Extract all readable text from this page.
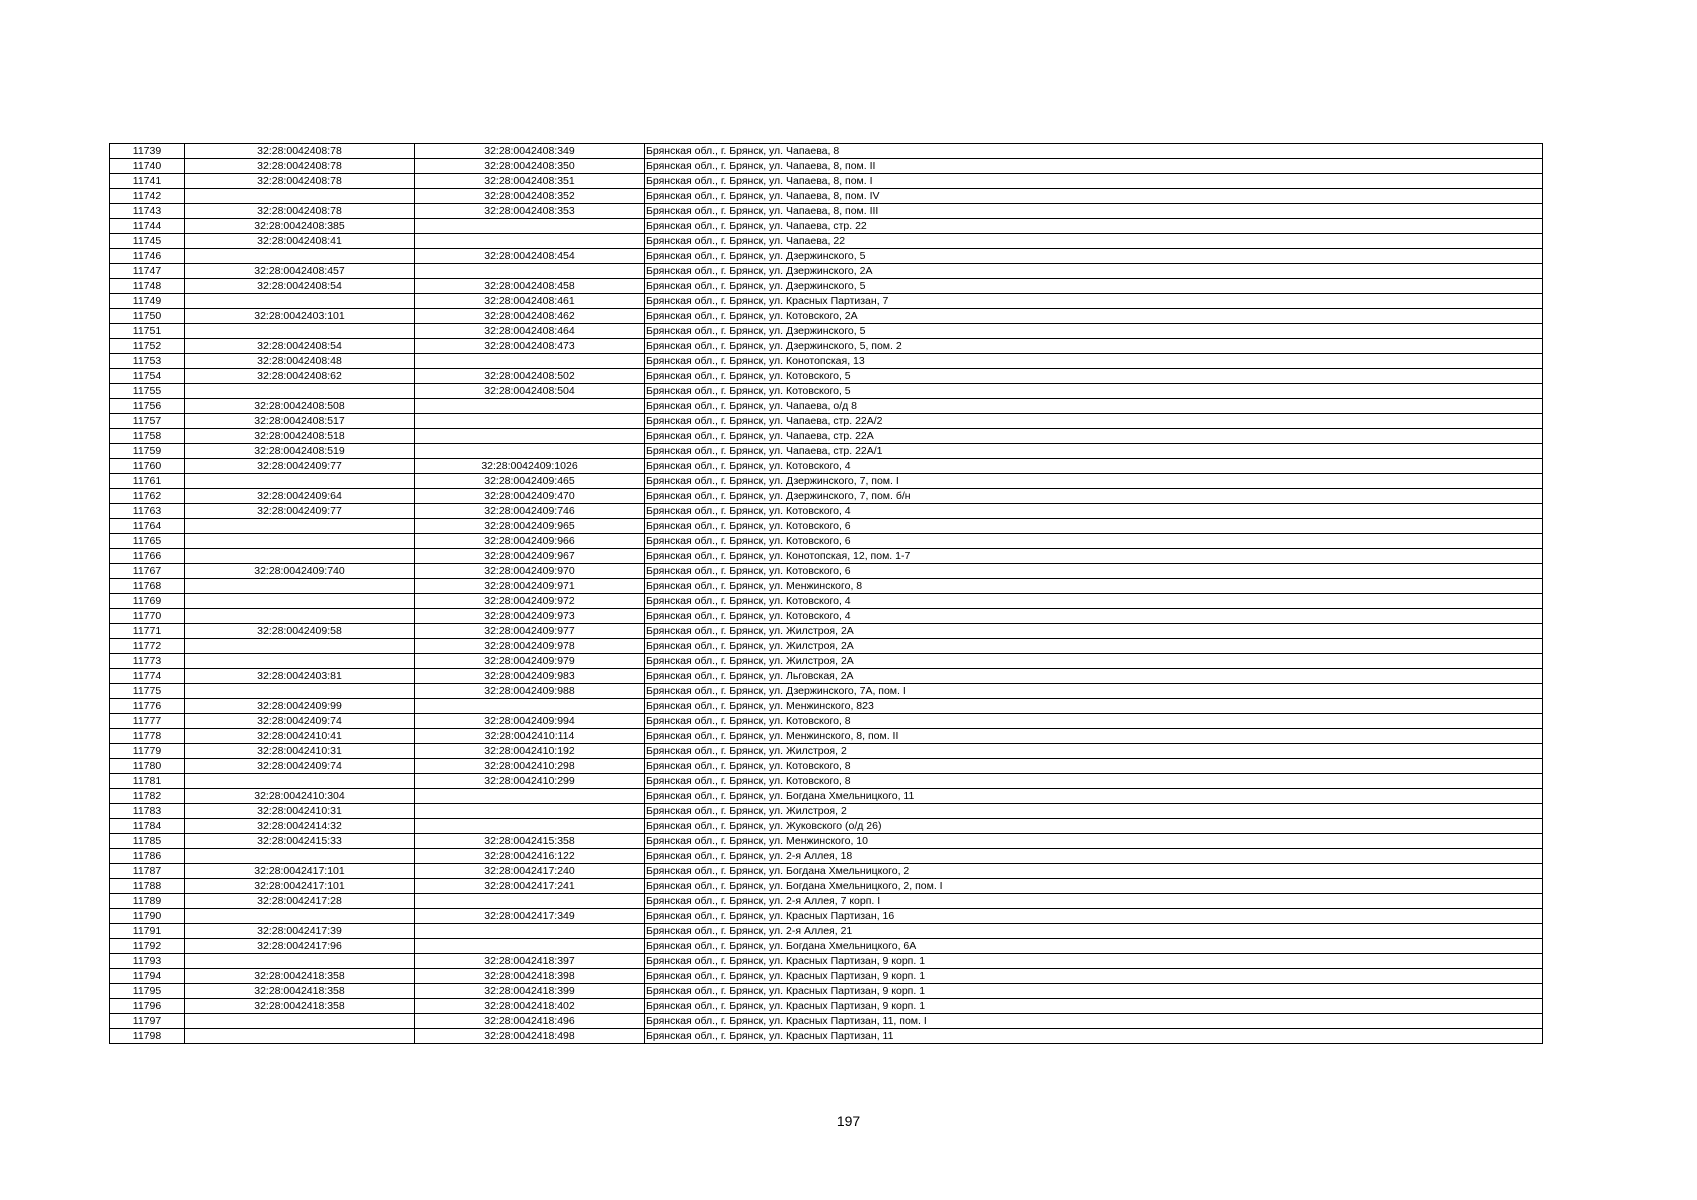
11739	32:28:0042408:78	32:28:0042408:349	Брянская обл., г. Брянск, ул. Чапаева, 8
11740	32:28:0042408:78	32:28:0042408:350	Брянская обл., г. Брянск, ул. Чапаева, 8, пом. II
11741	32:28:0042408:78	32:28:0042408:351	Брянская обл., г. Брянск, ул. Чапаева, 8, пом. I
11742		32:28:0042408:352	Брянская обл., г. Брянск, ул. Чапаева, 8, пом. IV
11743	32:28:0042408:78	32:28:0042408:353	Брянская обл., г. Брянск, ул. Чапаева, 8, пом. III
11744	32:28:0042408:385		Брянская обл., г. Брянск, ул. Чапаева, стр. 22
11745	32:28:0042408:41		Брянская обл., г. Брянск, ул. Чапаева, 22
11746		32:28:0042408:454	Брянская обл., г. Брянск, ул. Дзержинского, 5
11747	32:28:0042408:457		Брянская обл., г. Брянск, ул. Дзержинского, 2А
11748	32:28:0042408:54	32:28:0042408:458	Брянская обл., г. Брянск, ул. Дзержинского, 5
11749		32:28:0042408:461	Брянская обл., г. Брянск, ул. Красных Партизан, 7
11750	32:28:0042403:101	32:28:0042408:462	Брянская обл., г. Брянск, ул. Котовского, 2А
11751		32:28:0042408:464	Брянская обл., г. Брянск, ул. Дзержинского, 5
11752	32:28:0042408:54	32:28:0042408:473	Брянская обл., г. Брянск, ул. Дзержинского, 5, пом. 2
11753	32:28:0042408:48		Брянская обл., г. Брянск, ул. Конотопская, 13
11754	32:28:0042408:62	32:28:0042408:502	Брянская обл., г. Брянск, ул. Котовского, 5
11755		32:28:0042408:504	Брянская обл., г. Брянск, ул. Котовского, 5
11756	32:28:0042408:508		Брянская обл., г. Брянск, ул. Чапаева, о/д 8
11757	32:28:0042408:517		Брянская обл., г. Брянск, ул. Чапаева, стр. 22А/2
11758	32:28:0042408:518		Брянская обл., г. Брянск, ул. Чапаева, стр. 22А
11759	32:28:0042408:519		Брянская обл., г. Брянск, ул. Чапаева, стр. 22А/1
11760	32:28:0042409:77	32:28:0042409:1026	Брянская обл., г. Брянск, ул. Котовского, 4
11761		32:28:0042409:465	Брянская обл., г. Брянск, ул. Дзержинского, 7, пом. I
11762	32:28:0042409:64	32:28:0042409:470	Брянская обл., г. Брянск, ул. Дзержинского, 7, пом. б/н
11763	32:28:0042409:77	32:28:0042409:746	Брянская обл., г. Брянск, ул. Котовского, 4
11764		32:28:0042409:965	Брянская обл., г. Брянск, ул. Котовского, 6
11765		32:28:0042409:966	Брянская обл., г. Брянск, ул. Котовского, 6
11766		32:28:0042409:967	Брянская обл., г. Брянск, ул. Конотопская, 12, пом. 1-7
11767	32:28:0042409:740	32:28:0042409:970	Брянская обл., г. Брянск, ул. Котовского, 6
11768		32:28:0042409:971	Брянская обл., г. Брянск, ул. Менжинского, 8
11769		32:28:0042409:972	Брянская обл., г. Брянск, ул. Котовского, 4
11770		32:28:0042409:973	Брянская обл., г. Брянск, ул. Котовского, 4
11771	32:28:0042409:58	32:28:0042409:977	Брянская обл., г. Брянск, ул. Жилстроя, 2А
11772		32:28:0042409:978	Брянская обл., г. Брянск, ул. Жилстроя, 2А
11773		32:28:0042409:979	Брянская обл., г. Брянск, ул. Жилстроя, 2А
11774	32:28:0042403:81	32:28:0042409:983	Брянская обл., г. Брянск, ул. Льговская, 2А
11775		32:28:0042409:988	Брянская обл., г. Брянск, ул. Дзержинского, 7А, пом. I
11776	32:28:0042409:99		Брянская обл., г. Брянск, ул. Менжинского, 823
11777	32:28:0042409:74	32:28:0042409:994	Брянская обл., г. Брянск, ул. Котовского, 8
11778	32:28:0042410:41	32:28:0042410:114	Брянская обл., г. Брянск, ул. Менжинского, 8, пом. II
11779	32:28:0042410:31	32:28:0042410:192	Брянская обл., г. Брянск, ул. Жилстроя, 2
11780	32:28:0042409:74	32:28:0042410:298	Брянская обл., г. Брянск, ул. Котовского, 8
11781		32:28:0042410:299	Брянская обл., г. Брянск, ул. Котовского, 8
11782	32:28:0042410:304		Брянская обл., г. Брянск, ул. Богдана Хмельницкого, 11
11783	32:28:0042410:31		Брянская обл., г. Брянск, ул. Жилстроя, 2
11784	32:28:0042414:32		Брянская обл., г. Брянск, ул. Жуковского (о/д 26)
11785	32:28:0042415:33	32:28:0042415:358	Брянская обл., г. Брянск, ул. Менжинского, 10
11786		32:28:0042416:122	Брянская обл., г. Брянск, ул. 2-я Аллея, 18
11787	32:28:0042417:101	32:28:0042417:240	Брянская обл., г. Брянск, ул. Богдана Хмельницкого, 2
11788	32:28:0042417:101	32:28:0042417:241	Брянская обл., г. Брянск, ул. Богдана Хмельницкого, 2, пом. I
11789	32:28:0042417:28		Брянская обл., г. Брянск, ул. 2-я Аллея, 7 корп. I
11790		32:28:0042417:349	Брянская обл., г. Брянск, ул. Красных Партизан, 16
11791	32:28:0042417:39		Брянская обл., г. Брянск, ул. 2-я Аллея, 21
11792	32:28:0042417:96		Брянская обл., г. Брянск, ул. Богдана Хмельницкого, 6А
11793		32:28:0042418:397	Брянская обл., г. Брянск, ул. Красных Партизан, 9 корп. 1
11794	32:28:0042418:358	32:28:0042418:398	Брянская обл., г. Брянск, ул. Красных Партизан, 9 корп. 1
11795	32:28:0042418:358	32:28:0042418:399	Брянская обл., г. Брянск, ул. Красных Партизан, 9 корп. 1
11796	32:28:0042418:358	32:28:0042418:402	Брянская обл., г. Брянск, ул. Красных Партизан, 9 корп. 1
11797		32:28:0042418:496	Брянская обл., г. Брянск, ул. Красных Партизан, 11, пом. I
11798		32:28:0042418:498	Брянская обл., г. Брянск, ул. Красных Партизан, 11
197
